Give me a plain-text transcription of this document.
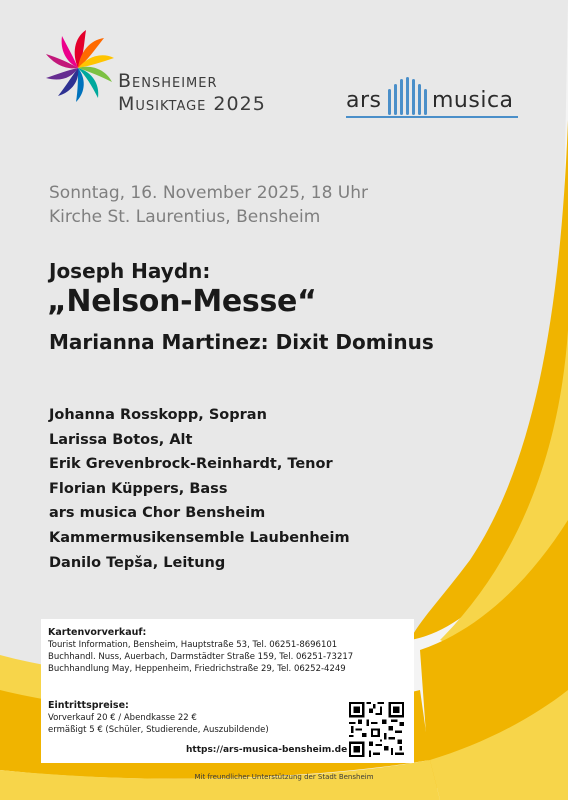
Bensheimer
Musiktage 2025	ars musica
Sonntag, 16. November 2025, 18 Uhr
Kirche St. Laurentius, Bensheim
Joseph Haydn:
„Nelson-Messe“
Marianna Martinez: Dixit Dominus
Johanna Rosskopp, Sopran
Larissa Botos, Alt
Erik Grevenbrock-Reinhardt, Tenor
Florian Küppers, Bass
ars musica Chor Bensheim
Kammermusikensemble Laubenheim
Danilo Tepša, Leitung
Kartenvorverkauf:
Tourist Information, Bensheim, Hauptstraße 53, Tel. 06251-8696101
Buchhandl. Nuss, Auerbach, Darmstädter Straße 159, Tel. 06251-73217
Buchhandlung May, Heppenheim, Friedrichstraße 29, Tel. 06252-4249
Eintrittspreise:
Vorverkauf 20 € / Abendkasse 22 €
ermäßigt 5 € (Schüler, Studierende, Auszubildende)
https://ars-musica-bensheim.de
Mit freundlicher Unterstützung der Stadt Bensheim
